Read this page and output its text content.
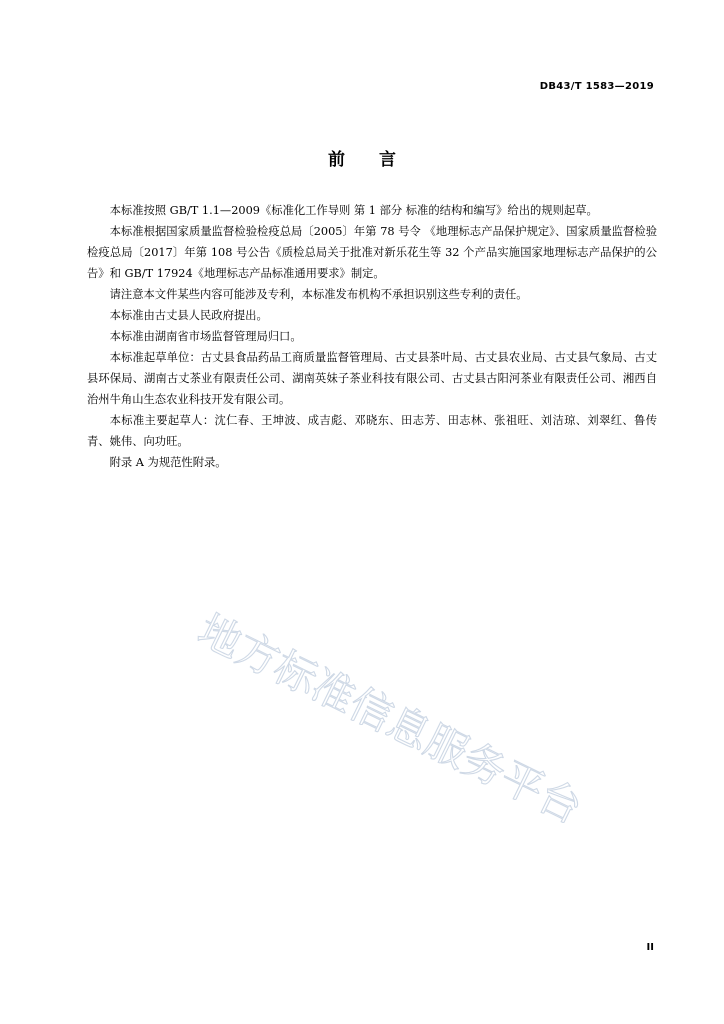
DB43/T 1583—2019
前 言

本标准按照 GB/T 1.1—2009《标准化工作导则 第 1 部分 标准的结构和编写》给出的规则起草。

本标准根据国家质量监督检验检疫总局〔2005〕年第 78 号令 《地理标志产品保护规定》、国家质量监督检验检疫总局〔2017〕年第 108 号公告《质检总局关于批准对新乐花生等 32 个产品实施国家地理标志产品保护的公告》和 GB/T 17924《地理标志产品标准通用要求》制定。

请注意本文件某些内容可能涉及专利，本标准发布机构不承担识别这些专利的责任。

本标准由古丈县人民政府提出。

本标准由湖南省市场监督管理局归口。

本标准起草单位：古丈县食品药品工商质量监督管理局、古丈县茶叶局、古丈县农业局、古丈县气象局、古丈县环保局、湖南古丈茶业有限责任公司、湖南英妹子茶业科技有限公司、古丈县古阳河茶业有限责任公司、湘西自治州牛角山生态农业科技开发有限公司。

本标准主要起草人：沈仁春、王坤波、成吉彪、邓晓东、田志芳、田志林、张祖旺、刘洁琼、刘翠红、鲁传青、姚伟、向功旺。

附录 A 为规范性附录。

地方标准信息服务平台
II
